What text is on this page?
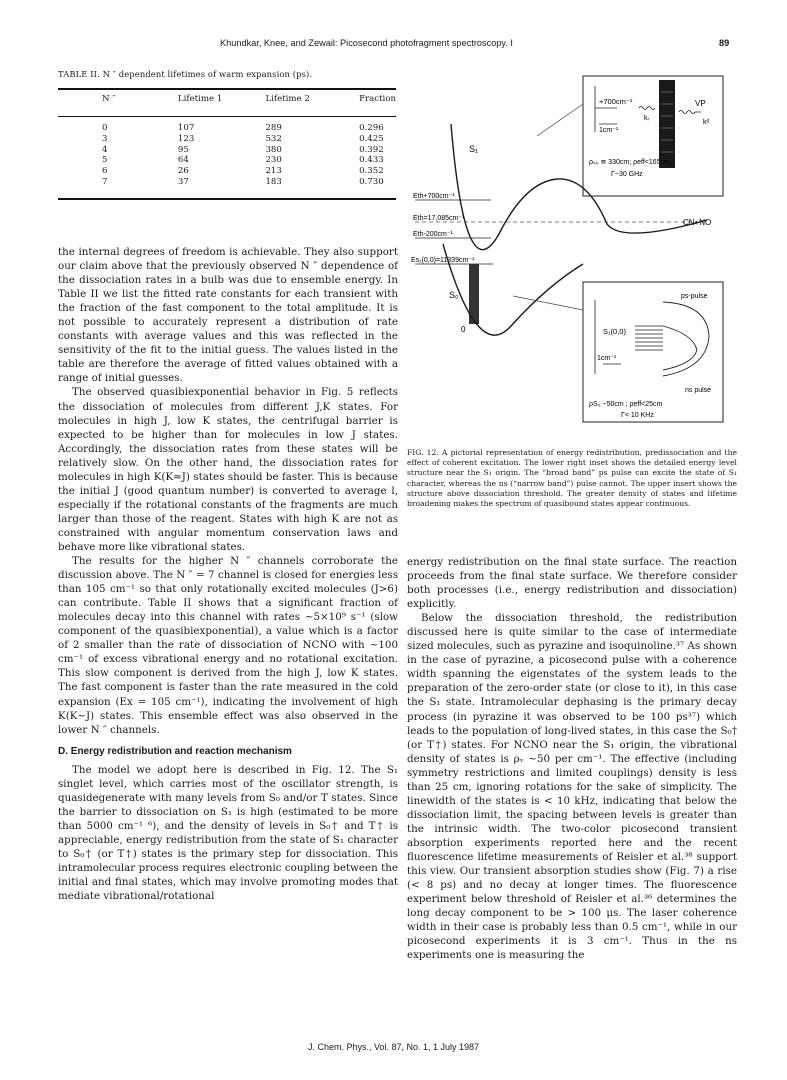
Khundkar, Knee, and Zewail: Picosecond photofragment spectroscopy. I	89
TABLE II. N ″ dependent lifetimes of warm expansion (ps).
N ″	Lifetime 1	Lifetime 2	Fraction
0	107	289	0.296
3	123	532	0.425
4	95	380	0.392
5	64	230	0.433
6	26	213	0.352
7	37	183	0.730

the internal degrees of freedom is achievable. They also support our claim above that the previously observed N ″ dependence of the dissociation rates in a bulb was due to ensemble energy. In Table II we list the fitted rate constants for each transient with the fraction of the fast component to the total amplitude. It is not possible to accurately represent a distribution of rate constants with average values and this was reflected in the sensitivity of the fit to the initial guess. The values listed in the table are therefore the average of fitted values obtained with a range of initial guesses.

The observed quasibiexponential behavior in Fig. 5 reflects the dissociation of molecules from different J,K states. For molecules in high J, low K states, the centrifugal barrier is expected to be higher than for molecules in low J states. Accordingly, the dissociation rates from these states will be relatively slow. On the other hand, the dissociation rates for molecules in high K(K≈J) states should be faster. This is because the initial J (good quantum number) is converted to average l, especially if the rotational constants of the fragments are much larger than those of the reagent. States with high K are not as constrained with angular momentum conservation laws and behave more like vibrational states.

The results for the higher N ″ channels corroborate the discussion above. The N ″ = 7 channel is closed for energies less than 105 cm⁻¹ so that only rotationally excited molecules (J>6) can contribute. Table II shows that a significant fraction of molecules decay into this channel with rates ~5×10⁹ s⁻¹ (slow component of the quasibiexponential), a value which is a factor of 2 smaller than the rate of dissociation of NCNO with ~100 cm⁻¹ of excess vibrational energy and no rotational excitation. This slow component is derived from the high J, low K states. The fast component is faster than the rate measured in the cold expansion (Ex = 105 cm⁻¹), indicating the involvement of high K(K~J) states. This ensemble effect was also observed in the lower N ″ channels.

D. Energy redistribution and reaction mechanism

The model we adopt here is described in Fig. 12. The S₁ singlet level, which carries most of the oscillator strength, is quasidegenerate with many levels from S₀ and/or T states. Since the barrier to dissociation on S₁ is high (estimated to be more than 5000 cm⁻¹ ⁶), and the density of levels in S₀† and T† is appreciable, energy redistribution from the state of S₁ character to S₀† (or T†) states is the primary step for dissociation. This intramolecular process requires electronic coupling between the initial and final states, which may involve promoting modes that mediate vibrational/rotational

+700cm⁻¹
1cm⁻¹
kᵣ
VP
kᵈ
ρₛ₀ ≅ 330cm; ρeff<165cm;
Γ~30 GHz
S₁
Eth+700cm⁻¹
Eth=17,085cm⁻¹
Eth-200cm⁻¹
CN+NO
Es₁(0,0)=11339cm⁻¹
S₀
0
ps-pulse
S₁(0,0)
1cm⁻¹
ns pulse
ρS₀ ~50cm ; ρeff<25cm
Γ< 10 KHz
FIG. 12. A pictorial representation of energy redistribution, predissociation and the effect of coherent excitation. The lower right inset shows the detailed energy level structure near the S₁ origin. The “broad band” ps pulse can excite the state of S₁ character, whereas the ns (“narrow band”) pulse cannot. The upper insert shows the structure above dissociation threshold. The greater density of states and lifetime broadening makes the spectrum of quasibound states appear continuous.

energy redistribution on the final state surface. The reaction proceeds from the final state surface. We therefore consider both processes (i.e., energy redistribution and dissociation) explicitly.

Below the dissociation threshold, the redistribution discussed here is quite similar to the case of intermediate sized molecules, such as pyrazine and isoquinoline.³⁷ As shown in the case of pyrazine, a picosecond pulse with a coherence width spanning the eigenstates of the system leads to the preparation of the zero-order state (or close to it), in this case the S₁ state. Intramolecular dephasing is the primary decay process (in pyrazine it was observed to be 100 ps³⁷) which leads to the population of long-lived states, in this case the S₀† (or T†) states. For NCNO near the S₁ origin, the vibrational density of states is ρᵥ ~50 per cm⁻¹. The effective (including symmetry restrictions and limited couplings) density is less than 25 cm, ignoring rotations for the sake of simplicity. The linewidth of the states is < 10 kHz, indicating that below the dissociation limit, the spacing between levels is greater than the intrinsic width. The two-color picosecond transient absorption experiments reported here and the recent fluorescence lifetime measurements of Reisler et al.³⁸ support this view. Our transient absorption studies show (Fig. 7) a rise (< 8 ps) and no decay at longer times. The fluorescence experiment below threshold of Reisler et al.³⁶ determines the long decay component to be > 100 μs. The laser coherence width in their case is probably less than 0.5 cm⁻¹, while in our picosecond experiments it is 3 cm⁻¹. Thus in the ns experiments one is measuring the

J. Chem. Phys., Vol. 87, No. 1, 1 July 1987
